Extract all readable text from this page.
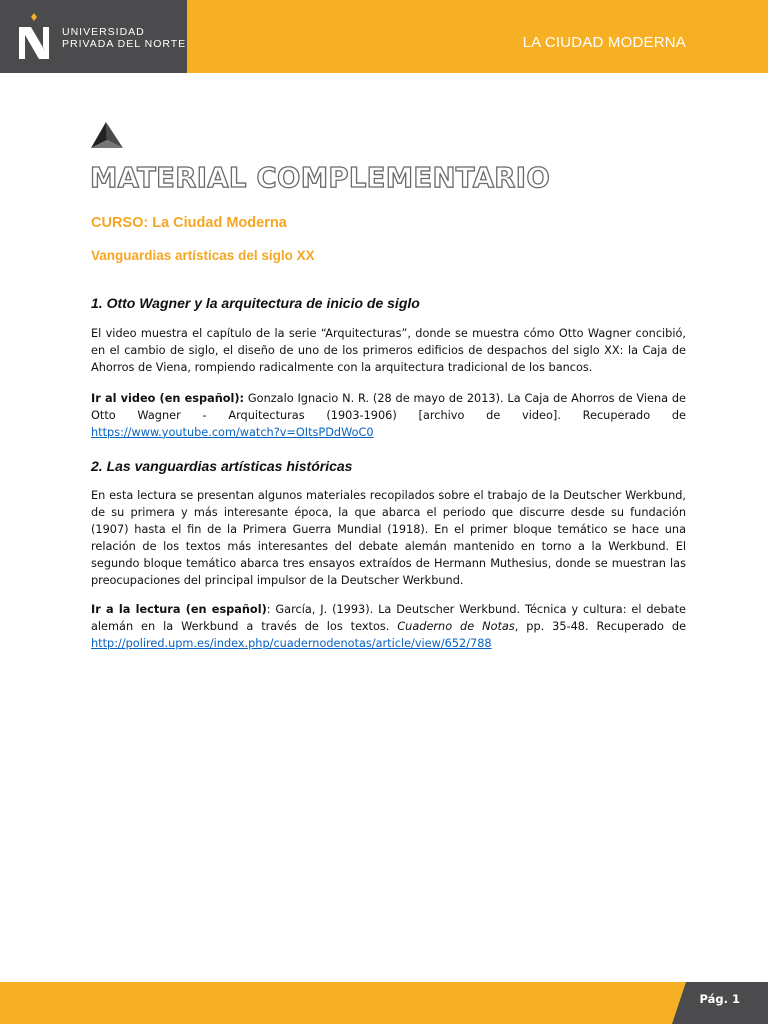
UNIVERSIDAD
PRIVADA DEL NORTE	LA CIUDAD MODERNA
MATERIAL COMPLEMENTARIO
CURSO: La Ciudad Moderna
Vanguardias artísticas del siglo XX
1. Otto Wagner y la arquitectura de inicio de siglo

El video muestra el capítulo de la serie “Arquitecturas”, donde se muestra cómo Otto Wagner concibió, en el cambio de siglo, el diseño de uno de los primeros edificios de despachos del siglo XX: la Caja de Ahorros de Viena, rompiendo radicalmente con la arquitectura tradicional de los bancos.

Ir al video (en español): Gonzalo Ignacio N. R. (28 de mayo de 2013). La Caja de Ahorros de Viena de Otto Wagner - Arquitecturas (1903-1906) [archivo de video]. Recuperado de https://www.youtube.com/watch?v=OItsPDdWoC0

2. Las vanguardias artísticas históricas

En esta lectura se presentan algunos materiales recopilados sobre el trabajo de la Deutscher Werkbund, de su primera y más interesante época, la que abarca el periodo que discurre desde su fundación (1907) hasta el fin de la Primera Guerra Mundial (1918). En el primer bloque temático se hace una relación de los textos más interesantes del debate alemán mantenido en torno a la Werkbund. El segundo bloque temático abarca tres ensayos extraídos de Hermann Muthesius, donde se muestran las preocupaciones del principal impulsor de la Deutscher Werkbund.

Ir a la lectura (en español): García, J. (1993). La Deutscher Werkbund. Técnica y cultura: el debate alemán en la Werkbund a través de los textos. Cuaderno de Notas, pp. 35-48. Recuperado de http://polired.upm.es/index.php/cuadernodenotas/article/view/652/788

Pág. 1
